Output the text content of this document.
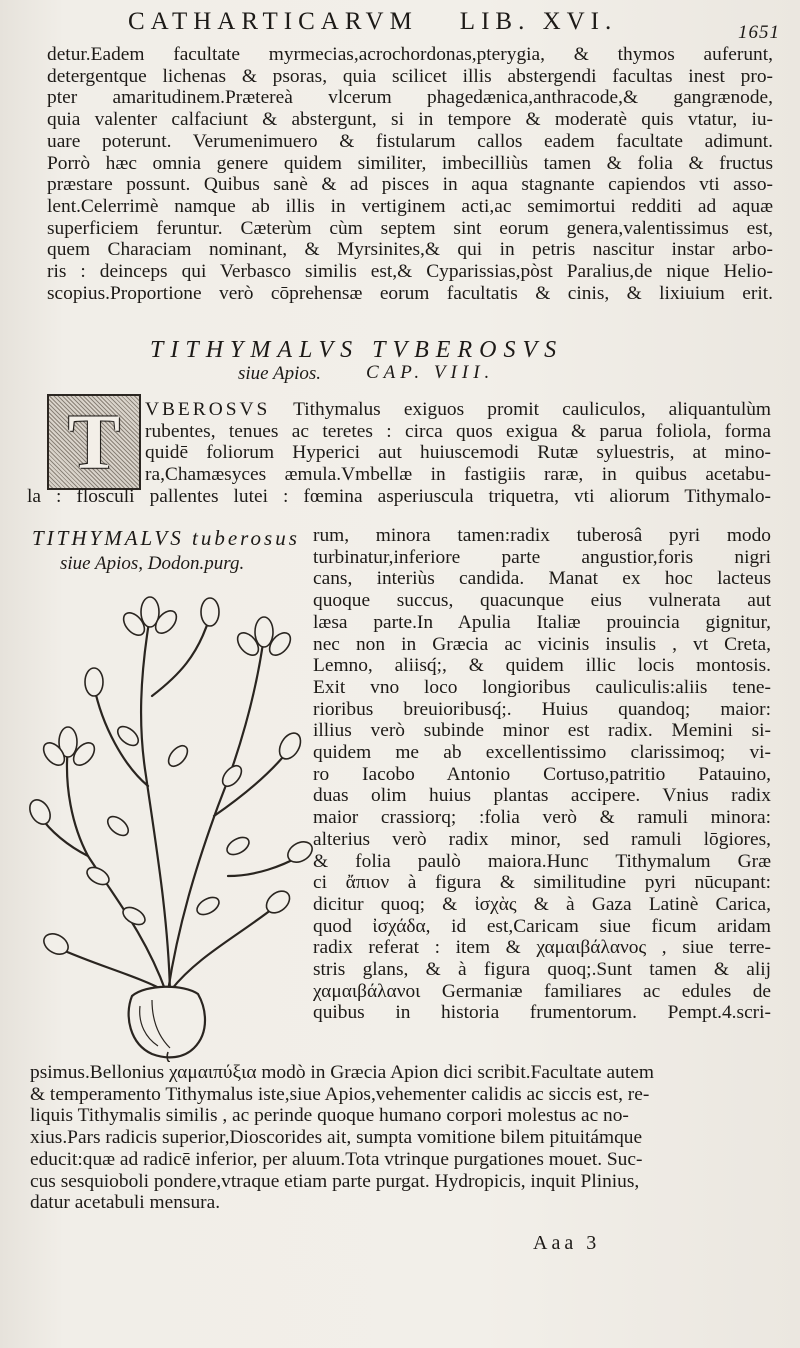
CATHARTICARVM LIB. XVI.	1651
detur.Eadem facultate myrmecias,acrochordonas,pterygia, & thymos auferunt,
detergentque lichenas & psoras, quia scilicet illis abstergendi facultas inest pro-
pter amaritudinem.Prætereà vlcerum phagedænica,anthracode,& gangrænode,
quia valenter calfaciunt & abstergunt, si in tempore & moderatè quis vtatur, iu-
uare poterunt. Verumenimuero & fistularum callos eadem facultate adimunt.
Porrò hæc omnia genere quidem similiter, imbecilliùs tamen & folia & fructus
præstare possunt. Quibus sanè & ad pisces in aqua stagnante capiendos vti asso-
lent.Celerrimè namque ab illis in vertiginem acti,ac semimortui redditi ad aquæ
superficiem feruntur. Cæterùm cùm septem sint eorum genera,valentissimus est,
quem Characiam nominant, & Myrsinites,& qui in petris nascitur instar arbo-
ris : deinceps qui Verbasco similis est,& Cyparissias,pòst Paralius,de nique Helio-
scopius.Proportione verò cōprehensæ eorum facultatis & cinis, & lixiuium erit.
TITHYMALVS TVBEROSVS
siue Apios. CAP. VIII.
T VBEROSVS Tithymalus exiguos promit cauliculos, aliquantulùm
rubentes, tenues ac teretes : circa quos exigua & parua foliola, forma
quidē foliorum Hyperici aut huiuscemodi Rutæ syluestris, at mino-
ra,Chamæsyces æmula.Vmbellæ in fastigiis raræ, in quibus acetabu-
la : flosculi pallentes lutei : fœmina asperiuscula triquetra, vti aliorum Tithymalo-
TITHYMALVS tuberosus
siue Apios, Dodon.purg.
rum, minora tamen:radix tuberosâ pyri modo
turbinatur,inferiore parte angustior,foris nigri
cans, interiùs candida. Manat ex hoc lacteus
quoque succus, quacunque eius vulnerata aut
læsa parte.In Apulia Italiæ prouincia gignitur,
nec non in Græcia ac vicinis insulis , vt Creta,
Lemno, aliisq́;, & quidem illic locis montosis.
Exit vno loco longioribus cauliculis:aliis tene-
rioribus breuioribusq́;. Huius quandoq; maior:
illius verò subinde minor est radix. Memini si-
quidem me ab excellentissimo clarissimoq; vi-
ro Iacobo Antonio Cortuso,patritio Patauino,
duas olim huius plantas accipere. Vnius radix
maior crassiorq; :folia verò & ramuli minora:
alterius verò radix minor, sed ramuli lōgiores,
& folia paulò maiora.Hunc Tithymalum Græ
ci ἄπιον à figura & similitudine pyri nūcupant:
dicitur quoq; & ἰσχὰς & à Gaza Latinè Carica,
quod ἰσχάδα, id est,Caricam siue ficum aridam
radix referat : item & χαμαιβάλανος , siue terre-
stris glans, & à figura quoq;.Sunt tamen & alij
χαμαιβάλανοι Germaniæ familiares ac edules de
quibus in historia frumentorum. Pempt.4.scri-
psimus.Bellonius χαμαιπύξια modò in Græcia Apion dici scribit.Facultate autem
& temperamento Tithymalus iste,siue Apios,vehementer calidis ac siccis est, re-
liquis Tithymalis similis , ac perinde quoque humano corpori molestus ac no-
xius.Pars radicis superior,Dioscorides ait, sumpta vomitione bilem pituitámque
educit:quæ ad radicē inferior, per aluum.Tota vtrinque purgationes mouet. Suc-
cus sesquioboli pondere,vtraque etiam parte purgat. Hydropicis, inquit Plinius,
datur acetabuli mensura.
Aaa 3
